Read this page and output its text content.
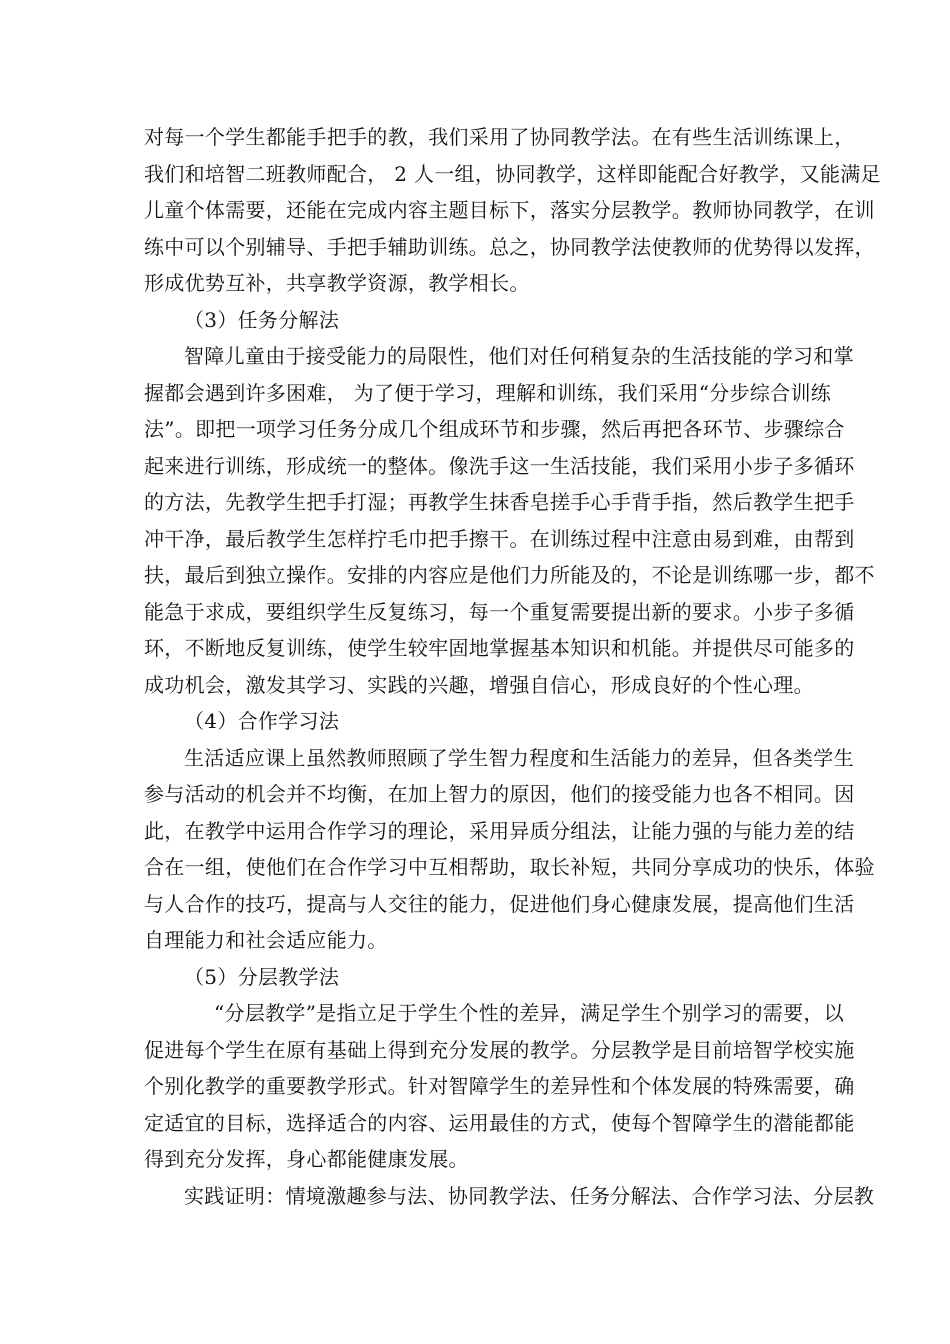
对每一个学生都能手把手的教，我们采用了协同教学法。在有些生活训练课上，
我们和培智二班教师配合， 2 人一组，协同教学，这样即能配合好教学，又能满足
儿童个体需要，还能在完成内容主题目标下，落实分层教学。教师协同教学，在训
练中可以个别辅导、手把手辅助训练。总之，协同教学法使教师的优势得以发挥，
形成优势互补，共享教学资源，教学相长。
（3）任务分解法
智障儿童由于接受能力的局限性，他们对任何稍复杂的生活技能的学习和掌
握都会遇到许多困难， 为了便于学习，理解和训练，我们采用“分步综合训练
法”。即把一项学习任务分成几个组成环节和步骤，然后再把各环节、步骤综合
起来进行训练，形成统一的整体。像洗手这一生活技能，我们采用小步子多循环
的方法，先教学生把手打湿；再教学生抹香皂搓手心手背手指，然后教学生把手
冲干净，最后教学生怎样拧毛巾把手擦干。在训练过程中注意由易到难，由帮到
扶，最后到独立操作。安排的内容应是他们力所能及的，不论是训练哪一步，都不
能急于求成，要组织学生反复练习，每一个重复需要提出新的要求。小步子多循
环，不断地反复训练，使学生较牢固地掌握基本知识和机能。并提供尽可能多的
成功机会，激发其学习、实践的兴趣，增强自信心，形成良好的个性心理。
（4）合作学习法
生活适应课上虽然教师照顾了学生智力程度和生活能力的差异，但各类学生
参与活动的机会并不均衡，在加上智力的原因，他们的接受能力也各不相同。因
此，在教学中运用合作学习的理论，采用异质分组法，让能力强的与能力差的结
合在一组，使他们在合作学习中互相帮助，取长补短，共同分享成功的快乐，体验
与人合作的技巧，提高与人交往的能力，促进他们身心健康发展，提高他们生活
自理能力和社会适应能力。
（5）分层教学法
“分层教学”是指立足于学生个性的差异，满足学生个别学习的需要，以
促进每个学生在原有基础上得到充分发展的教学。分层教学是目前培智学校实施
个别化教学的重要教学形式。针对智障学生的差异性和个体发展的特殊需要，确
定适宜的目标，选择适合的内容、运用最佳的方式，使每个智障学生的潜能都能
得到充分发挥，身心都能健康发展。
实践证明：情境激趣参与法、协同教学法、任务分解法、合作学习法、分层教
